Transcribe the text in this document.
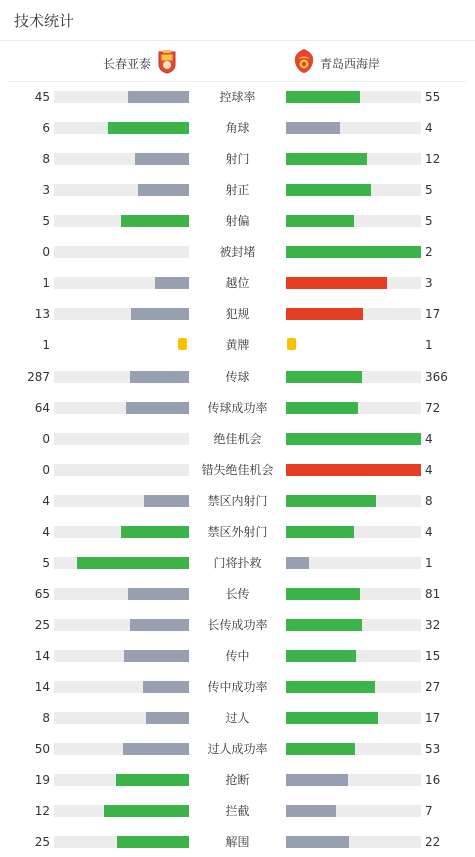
技术统计
长春亚泰	青岛西海岸
45	控球率	55
6	角球	4
8	射门	12
3	射正	5
5	射偏	5
0	被封堵	2
1	越位	3
13	犯规	17
1	黄牌	1
287	传球	366
64	传球成功率	72
0	绝佳机会	4
0	错失绝佳机会	4
4	禁区内射门	8
4	禁区外射门	4
5	门将扑救	1
65	长传	81
25	长传成功率	32
14	传中	15
14	传中成功率	27
8	过人	17
50	过人成功率	53
19	抢断	16
12	拦截	7
25	解围	22
